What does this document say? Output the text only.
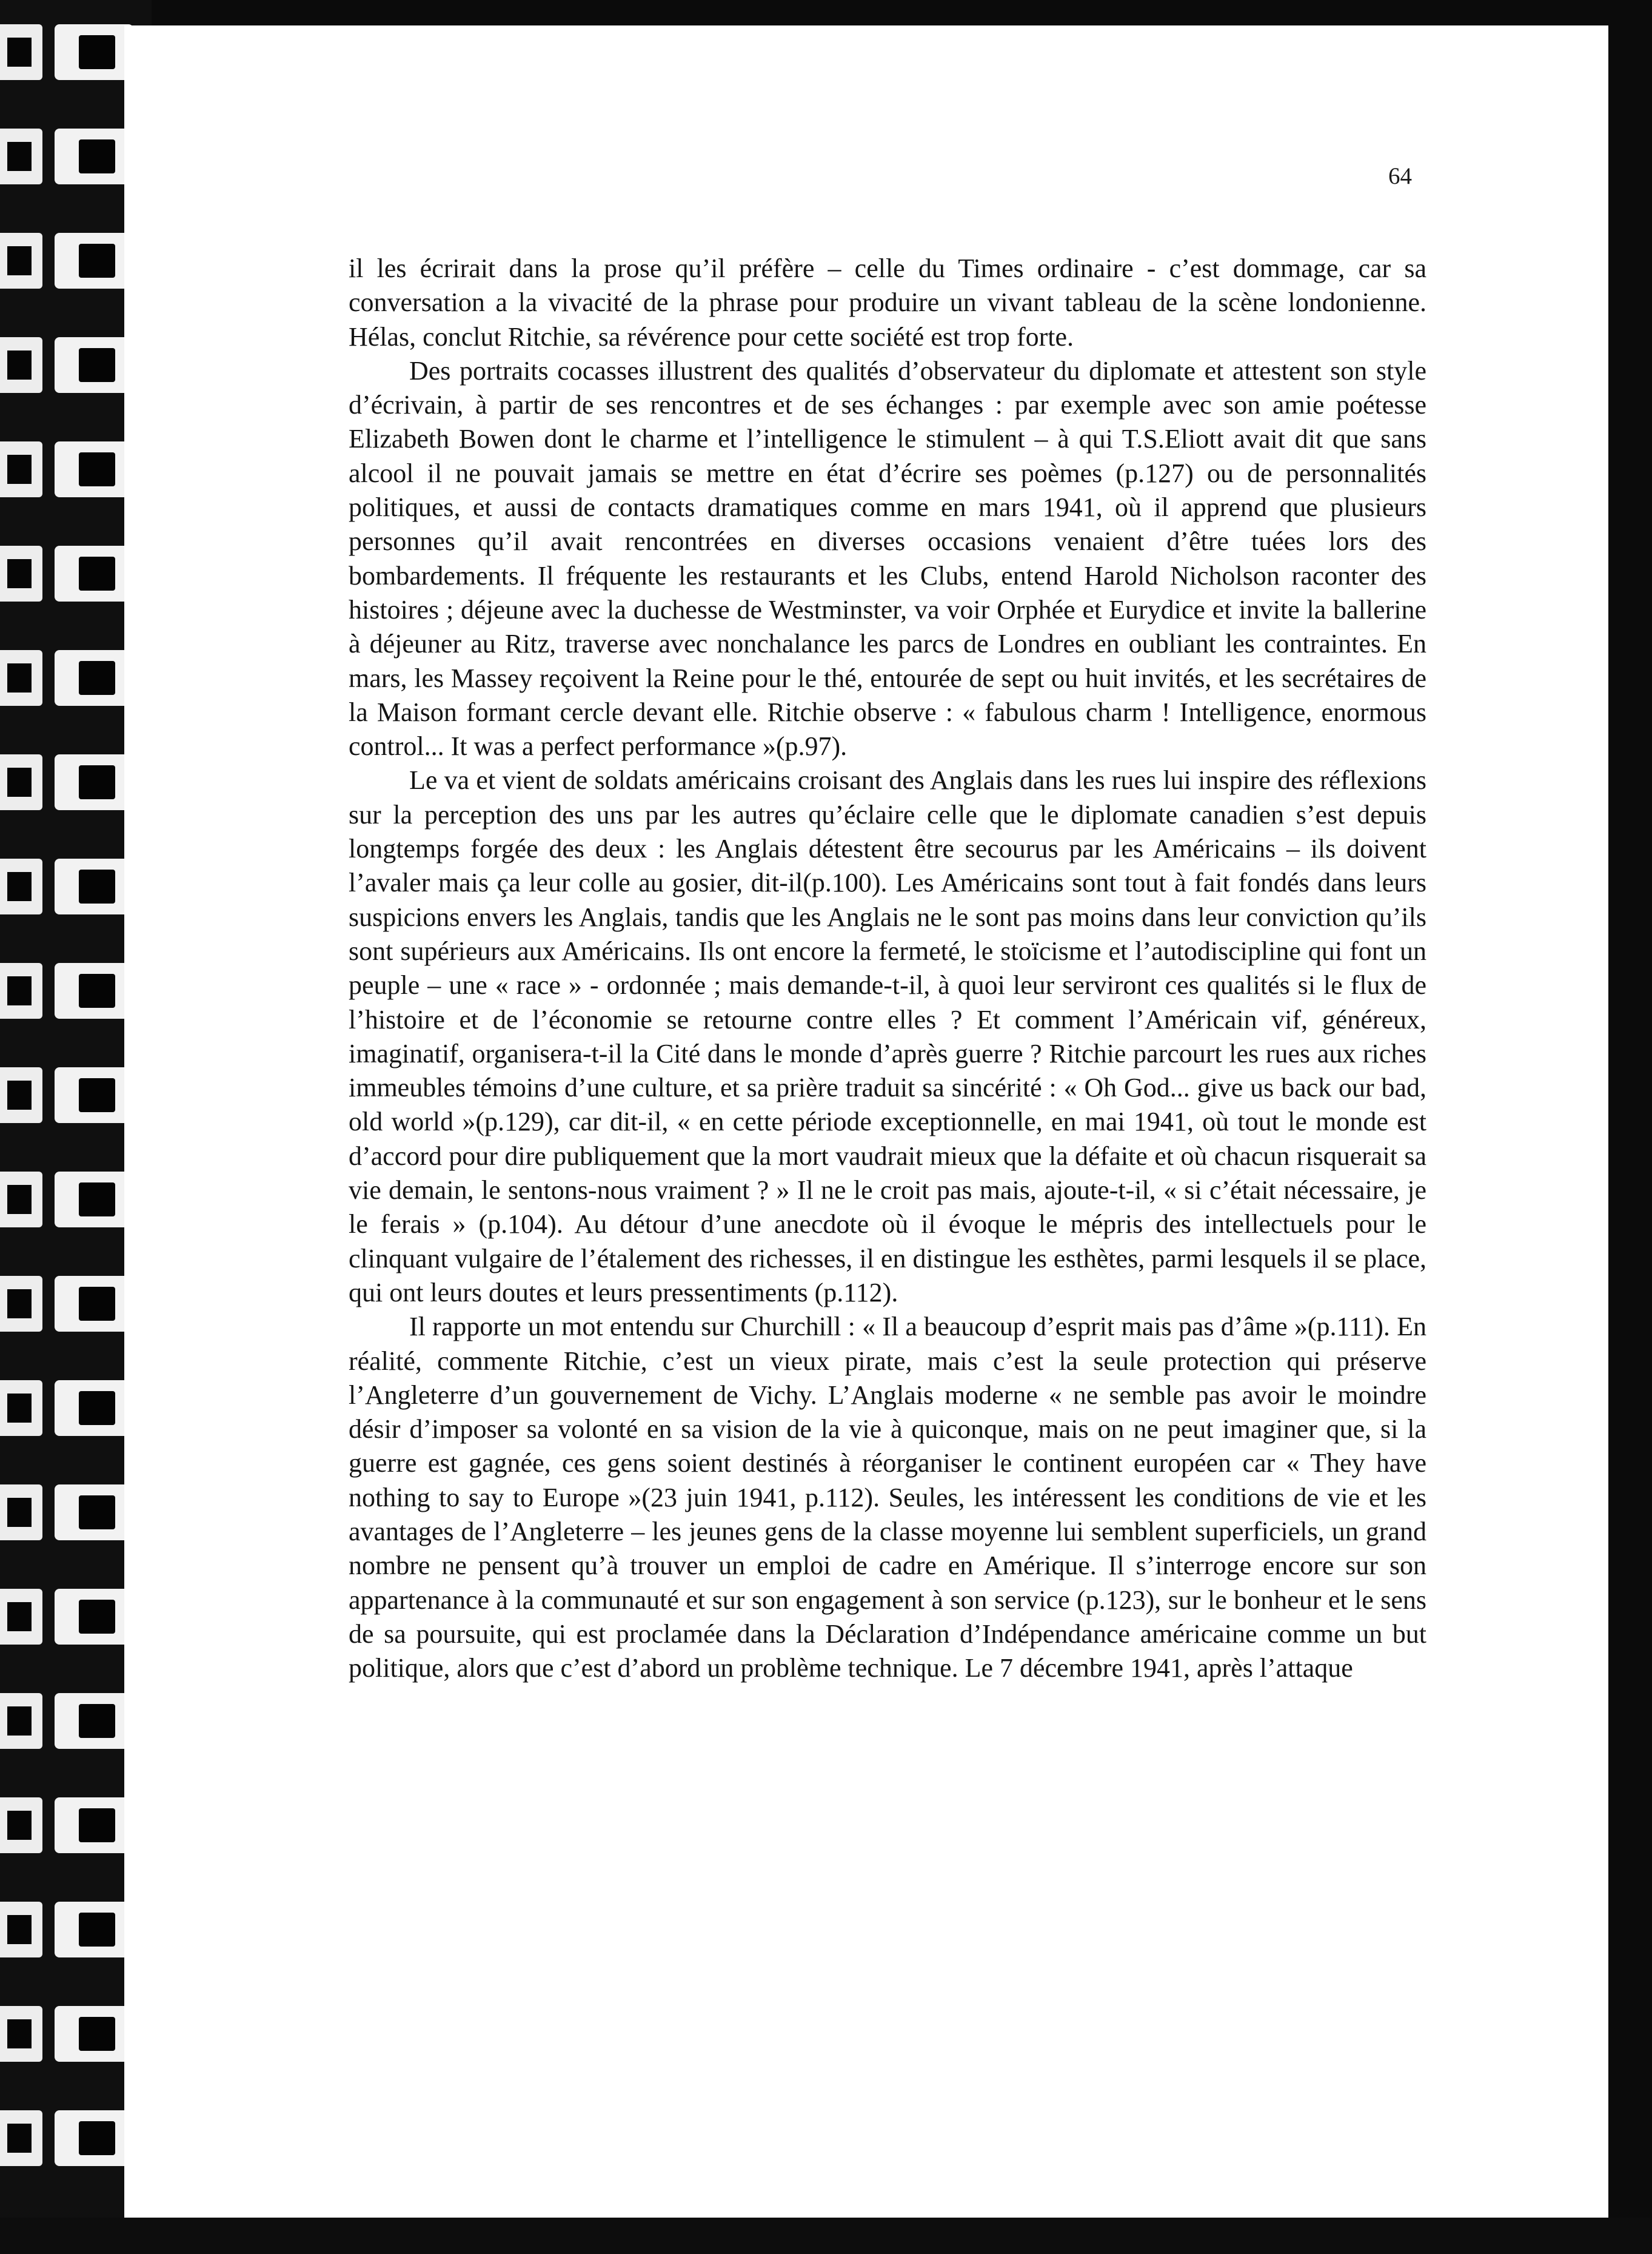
64

il les écrirait dans la prose qu’il préfère – celle du Times ordinaire - c’est dommage, car sa conversation a la vivacité de la phrase pour produire un vivant tableau de la scène londonienne. Hélas, conclut Ritchie, sa révérence pour cette société est trop forte.

Des portraits cocasses illustrent des qualités d’observateur du diplomate et attestent son style d’écrivain, à partir de ses rencontres et de ses échanges : par exemple avec son amie poétesse Elizabeth Bowen dont le charme et l’intelligence le stimulent – à qui T.S.Eliott avait dit que sans alcool il ne pouvait jamais se mettre en état d’écrire ses poèmes (p.127) ou de personnalités politiques, et aussi de contacts dramatiques comme en mars 1941, où il apprend que plusieurs personnes qu’il avait rencontrées en diverses occasions venaient d’être tuées lors des bombardements. Il fréquente les restaurants et les Clubs, entend Harold Nicholson raconter des histoires ; déjeune avec la duchesse de Westminster, va voir Orphée et Eurydice et invite la ballerine à déjeuner au Ritz, traverse avec nonchalance les parcs de Londres en oubliant les contraintes. En mars, les Massey reçoivent la Reine pour le thé, entourée de sept ou huit invités, et les secrétaires de la Maison formant cercle devant elle. Ritchie observe : « fabulous charm ! Intelligence, enormous control... It was a perfect performance »(p.97).

Le va et vient de soldats américains croisant des Anglais dans les rues lui inspire des réflexions sur la perception des uns par les autres qu’éclaire celle que le diplomate canadien s’est depuis longtemps forgée des deux : les Anglais détestent être secourus par les Américains – ils doivent l’avaler mais ça leur colle au gosier, dit-il(p.100). Les Américains sont tout à fait fondés dans leurs suspicions envers les Anglais, tandis que les Anglais ne le sont pas moins dans leur conviction qu’ils sont supérieurs aux Américains. Ils ont encore la fermeté, le stoïcisme et l’autodiscipline qui font un peuple – une « race » - ordonnée ; mais demande-t-il, à quoi leur serviront ces qualités si le flux de l’histoire et de l’économie se retourne contre elles ? Et comment l’Américain vif, généreux, imaginatif, organisera-t-il la Cité dans le monde d’après guerre ? Ritchie parcourt les rues aux riches immeubles témoins d’une culture, et sa prière traduit sa sincérité : « Oh God... give us back our bad, old world »(p.129), car dit-il, « en cette période exceptionnelle, en mai 1941, où tout le monde est d’accord pour dire publiquement que la mort vaudrait mieux que la défaite et où chacun risquerait sa vie demain, le sentons-nous vraiment ? » Il ne le croit pas mais, ajoute-t-il, « si c’était nécessaire, je le ferais » (p.104). Au détour d’une anecdote où il évoque le mépris des intellectuels pour le clinquant vulgaire de l’étalement des richesses, il en distingue les esthètes, parmi lesquels il se place, qui ont leurs doutes et leurs pressentiments (p.112).

Il rapporte un mot entendu sur Churchill : « Il a beaucoup d’esprit mais pas d’âme »(p.111). En réalité, commente Ritchie, c’est un vieux pirate, mais c’est la seule protection qui préserve l’Angleterre d’un gouvernement de Vichy. L’Anglais moderne « ne semble pas avoir le moindre désir d’imposer sa volonté en sa vision de la vie à quiconque, mais on ne peut imaginer que, si la guerre est gagnée, ces gens soient destinés à réorganiser le continent européen car « They have nothing to say to Europe »(23 juin 1941, p.112). Seules, les intéressent les conditions de vie et les avantages de l’Angleterre – les jeunes gens de la classe moyenne lui semblent superficiels, un grand nombre ne pensent qu’à trouver un emploi de cadre en Amérique. Il s’interroge encore sur son appartenance à la communauté et sur son engagement à son service (p.123), sur le bonheur et le sens de sa poursuite, qui est proclamée dans la Déclaration d’Indépendance américaine comme un but politique, alors que c’est d’abord un problème technique. Le 7 décembre 1941, après l’attaque
